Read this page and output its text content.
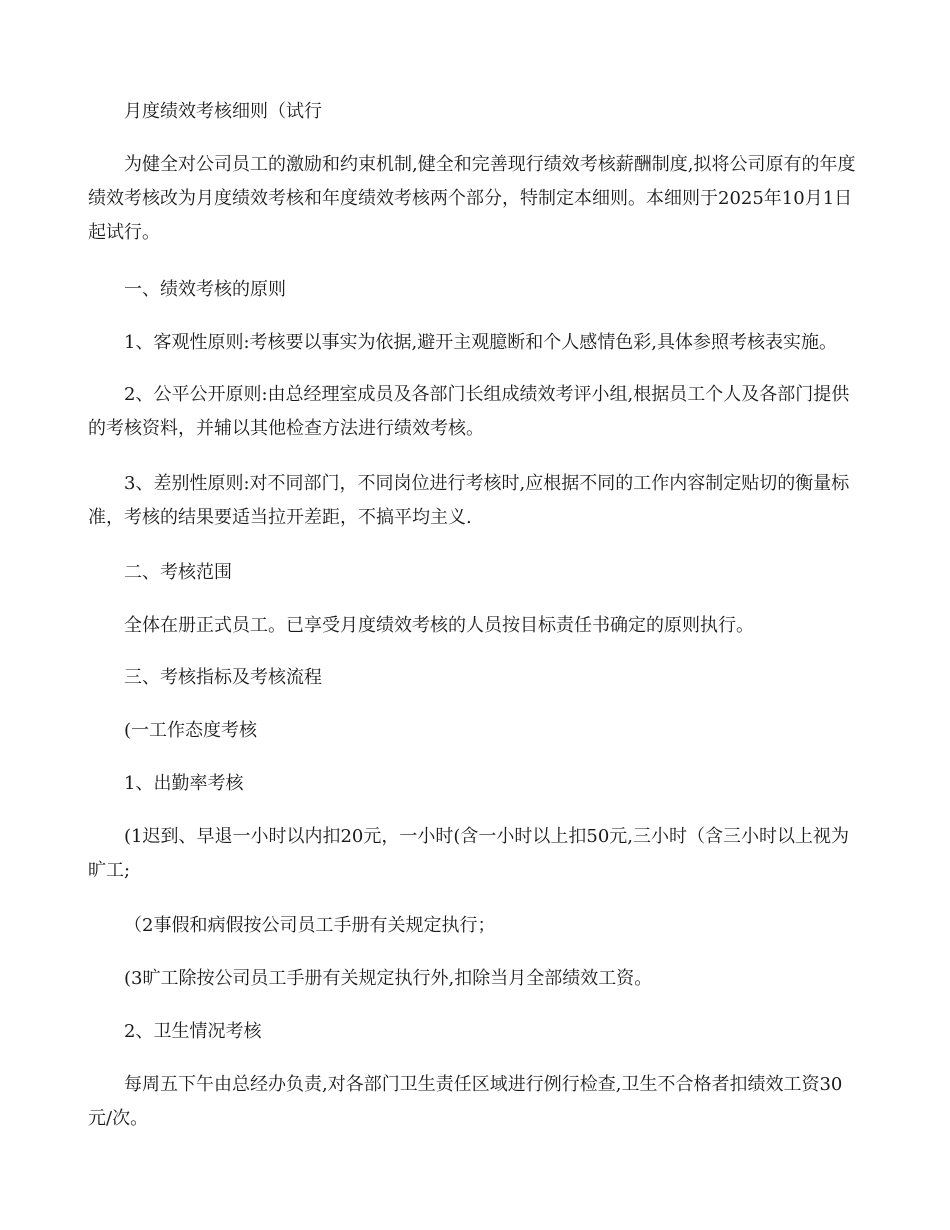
月度绩效考核细则（试行

为健全对公司员工的激励和约束机制,健全和完善现行绩效考核薪酬制度,拟将公司原有的年度绩效考核改为月度绩效考核和年度绩效考核两个部分，特制定本细则。本细则于2025年10月1日起试行。

一、绩效考核的原则

1、客观性原则:考核要以事实为依据,避开主观臆断和个人感情色彩,具体参照考核表实施。

2、公平公开原则:由总经理室成员及各部门长组成绩效考评小组,根据员工个人及各部门提供的考核资料，并辅以其他检查方法进行绩效考核。

3、差别性原则:对不同部门，不同岗位进行考核时,应根据不同的工作内容制定贴切的衡量标准，考核的结果要适当拉开差距，不搞平均主义.

二、考核范围

全体在册正式员工。已享受月度绩效考核的人员按目标责任书确定的原则执行。

三、考核指标及考核流程

(一工作态度考核

1、出勤率考核

(1迟到、早退一小时以内扣20元，一小时(含一小时以上扣50元,三小时（含三小时以上视为旷工;

（2事假和病假按公司员工手册有关规定执行；

(3旷工除按公司员工手册有关规定执行外,扣除当月全部绩效工资。

2、卫生情况考核

每周五下午由总经办负责,对各部门卫生责任区域进行例行检查,卫生不合格者扣绩效工资30元/次。
